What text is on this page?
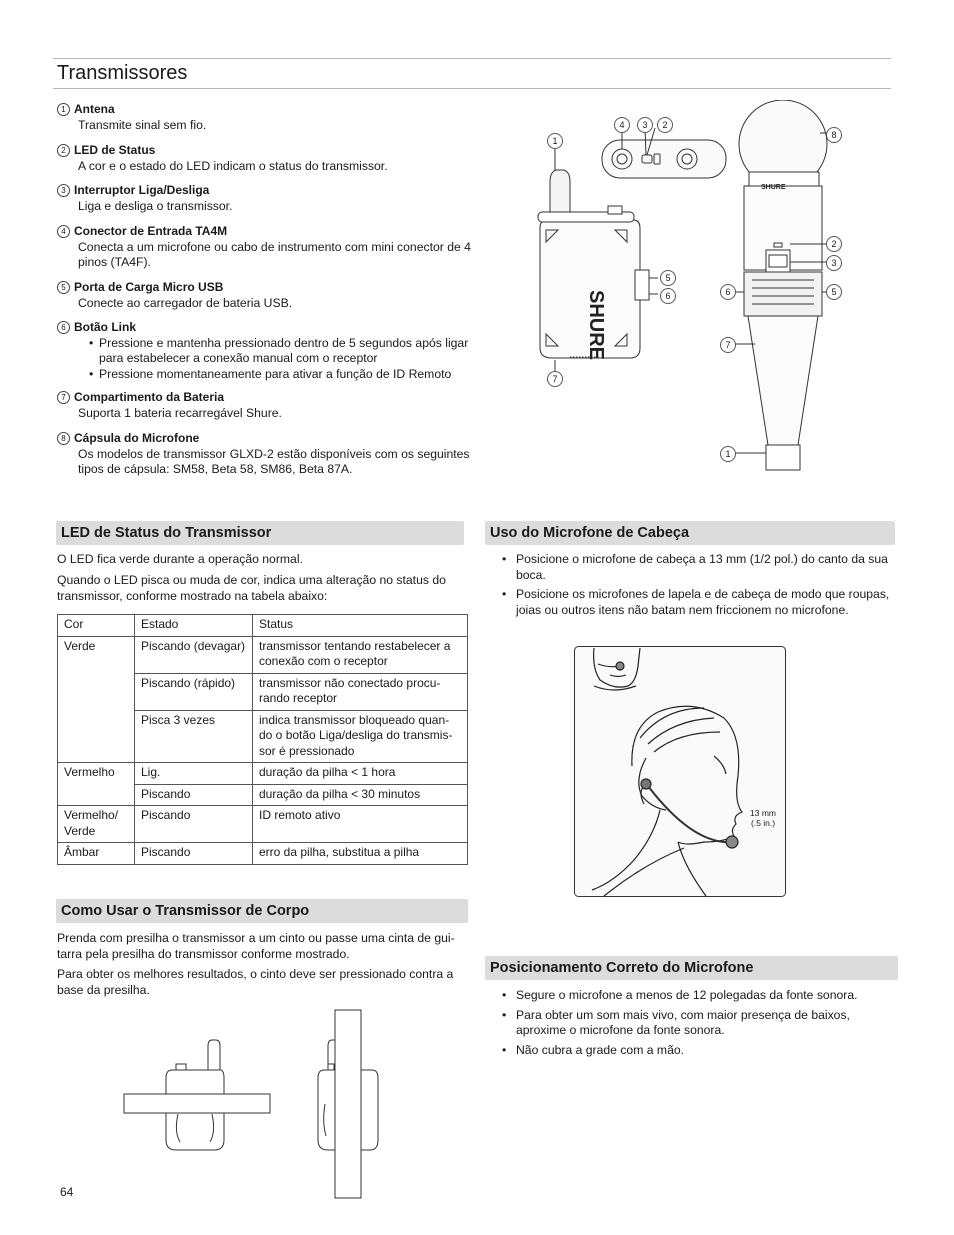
Transmissores
1 Antena
Transmite sinal sem fio.
2 LED de Status
A cor e o estado do LED indicam o status do transmissor.
3 Interruptor Liga/Desliga
Liga e desliga o transmissor.
4 Conector de Entrada TA4M
Conecta a um microfone ou cabo de instrumento com mini conector de 4 pinos (TA4F).
5 Porta de Carga Micro USB
Conecte ao carregador de bateria USB.
6 Botão Link
• Pressione e mantenha pressionado dentro de 5 segundos após ligar para estabelecer a conexão manual com o receptor
• Pressione momentaneamente para ativar a função de ID Remoto
7 Compartimento da Bateria
Suporta 1 bateria recarregável Shure.
8 Cápsula do Microfone
Os modelos de transmissor GLXD-2 estão disponíveis com os seguintes tipos de cápsula: SM58, Beta 58, SM86, Beta 87A.
SHURE
SHURE
1
4	3	2
5
6
7
8
2
3
6	5
7
1
LED de Status do Transmissor
O LED fica verde durante a operação normal.
Quando o LED pisca ou muda de cor, indica uma alteração no status do transmissor, conforme mostrado na tabela abaixo:
Cor	Estado	Status
Verde	Piscando (devagar)	transmissor tentando restabelecer a conexão com o receptor
	Piscando (rápido)	transmissor não conectado procu-rando receptor
	Pisca 3 vezes	indica transmissor bloqueado quan-do o botão Liga/desliga do transmis-sor é pressionado
Vermelho	Lig.	duração da pilha < 1 hora
	Piscando	duração da pilha < 30 minutos
Vermelho/ Verde	Piscando	ID remoto ativo
Âmbar	Piscando	erro da pilha, substitua a pilha
Como Usar o Transmissor de Corpo
Prenda com presilha o transmissor a um cinto ou passe uma cinta de gui-tarra pela presilha do transmissor conforme mostrado.
Para obter os melhores resultados, o cinto deve ser pressionado contra a base da presilha.
Uso do Microfone de Cabeça
• Posicione o microfone de cabeça a 13 mm (1/2 pol.) do canto da sua boca.
• Posicione os microfones de lapela e de cabeça de modo que roupas, joias ou outros itens não batam nem friccionem no microfone.
13 mm
(.5 in.)
Posicionamento Correto do Microfone
• Segure o microfone a menos de 12 polegadas da fonte sonora.
• Para obter um som mais vivo, com maior presença de baixos, aproxime o microfone da fonte sonora.
• Não cubra a grade com a mão.
64
